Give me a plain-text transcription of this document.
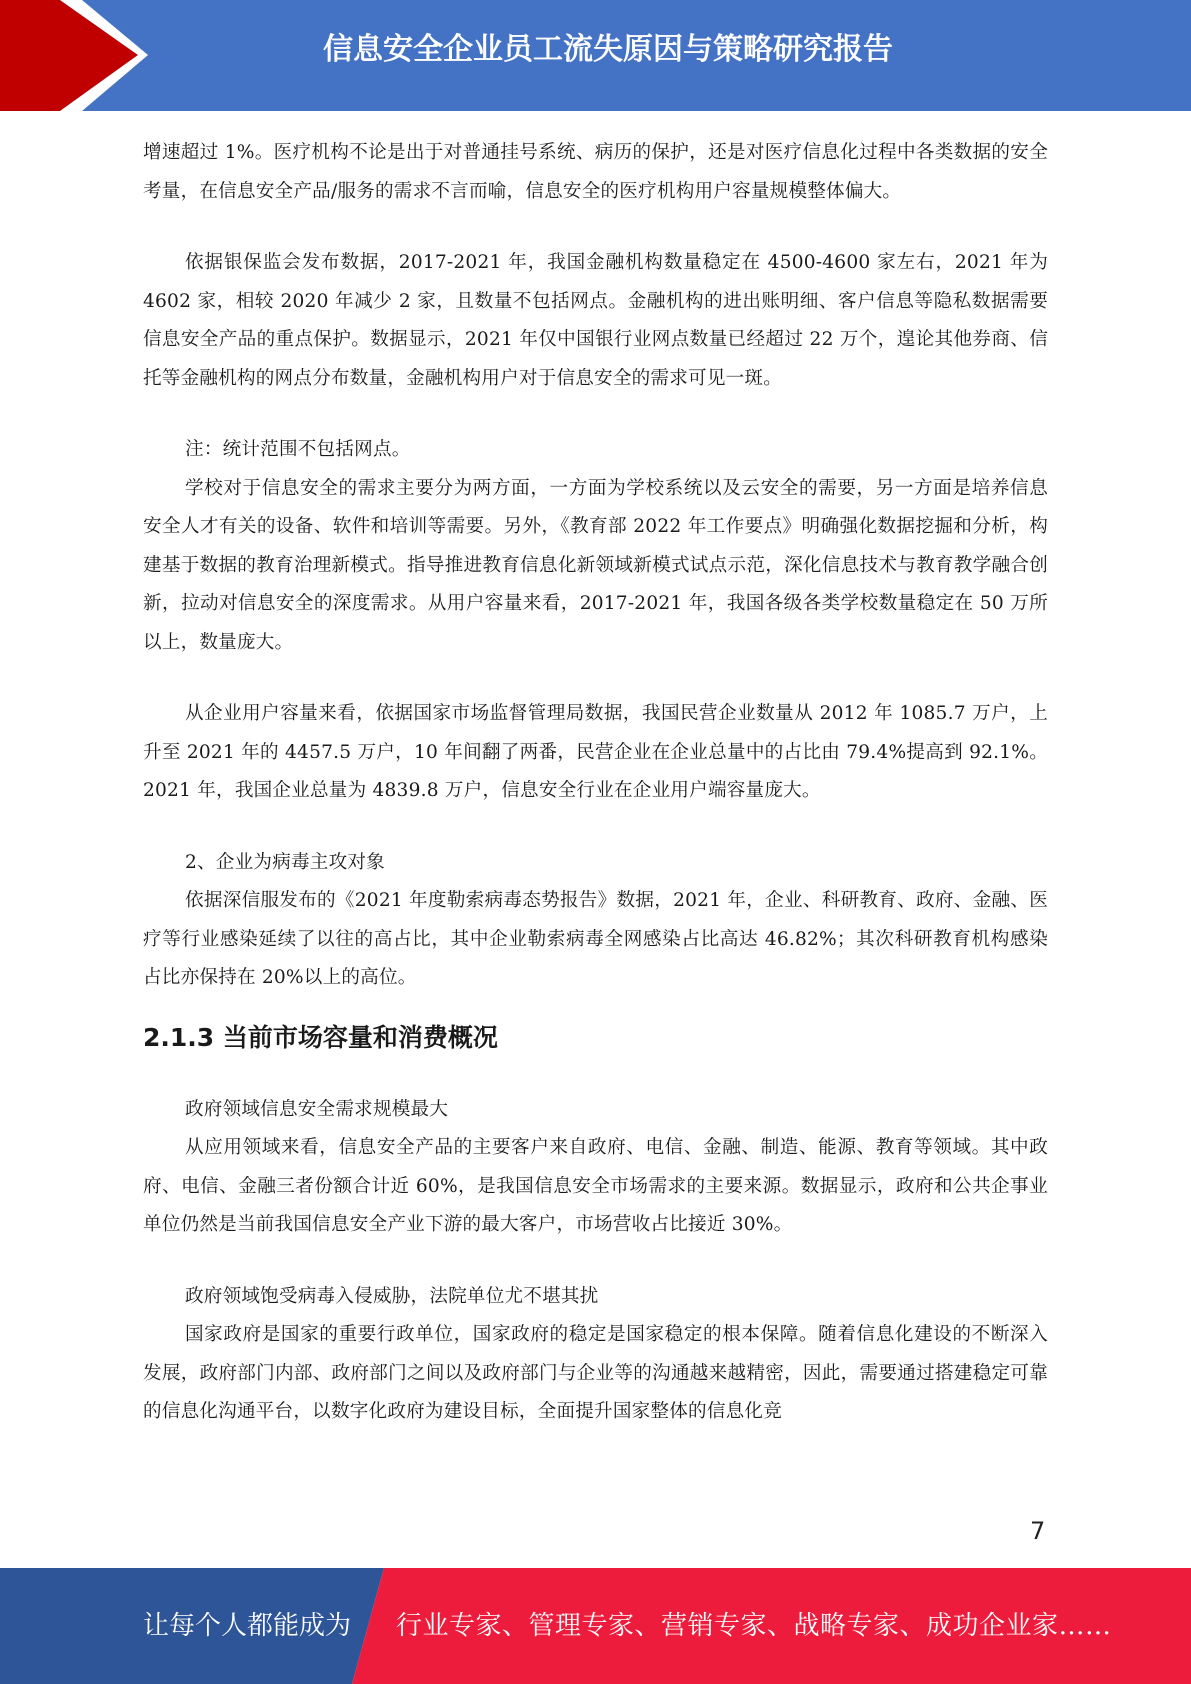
信息安全企业员工流失原因与策略研究报告

增速超过 1%。医疗机构不论是出于对普通挂号系统、病历的保护，还是对医疗信息化过程中各类数据的安全考量，在信息安全产品/服务的需求不言而喻，信息安全的医疗机构用户容量规模整体偏大。

依据银保监会发布数据，2017-2021 年，我国金融机构数量稳定在 4500-4600 家左右，2021 年为 4602 家，相较 2020 年减少 2 家，且数量不包括网点。金融机构的进出账明细、客户信息等隐私数据需要信息安全产品的重点保护。数据显示，2021 年仅中国银行业网点数量已经超过 22 万个，遑论其他券商、信托等金融机构的网点分布数量，金融机构用户对于信息安全的需求可见一斑。

注：统计范围不包括网点。

学校对于信息安全的需求主要分为两方面，一方面为学校系统以及云安全的需要，另一方面是培养信息安全人才有关的设备、软件和培训等需要。另外，《教育部 2022 年工作要点》明确强化数据挖掘和分析，构建基于数据的教育治理新模式。指导推进教育信息化新领域新模式试点示范，深化信息技术与教育教学融合创新，拉动对信息安全的深度需求。从用户容量来看，2017-2021 年，我国各级各类学校数量稳定在 50 万所以上，数量庞大。

从企业用户容量来看，依据国家市场监督管理局数据，我国民营企业数量从 2012 年 1085.7 万户，上升至 2021 年的 4457.5 万户，10 年间翻了两番，民营企业在企业总量中的占比由 79.4%提高到 92.1%。2021 年，我国企业总量为 4839.8 万户，信息安全行业在企业用户端容量庞大。

2、企业为病毒主攻对象

依据深信服发布的《2021 年度勒索病毒态势报告》数据，2021 年，企业、科研教育、政府、金融、医疗等行业感染延续了以往的高占比，其中企业勒索病毒全网感染占比高达 46.82%；其次科研教育机构感染占比亦保持在 20%以上的高位。

2.1.3 当前市场容量和消费概况

政府领域信息安全需求规模最大

从应用领域来看，信息安全产品的主要客户来自政府、电信、金融、制造、能源、教育等领域。其中政府、电信、金融三者份额合计近 60%，是我国信息安全市场需求的主要来源。数据显示，政府和公共企事业单位仍然是当前我国信息安全产业下游的最大客户，市场营收占比接近 30%。

政府领域饱受病毒入侵威胁，法院单位尤不堪其扰

国家政府是国家的重要行政单位，国家政府的稳定是国家稳定的根本保障。随着信息化建设的不断深入发展，政府部门内部、政府部门之间以及政府部门与企业等的沟通越来越精密，因此，需要通过搭建稳定可靠的信息化沟通平台，以数字化政府为建设目标，全面提升国家整体的信息化竞

7
让每个人都能成为 行业专家、管理专家、营销专家、战略专家、成功企业家……
